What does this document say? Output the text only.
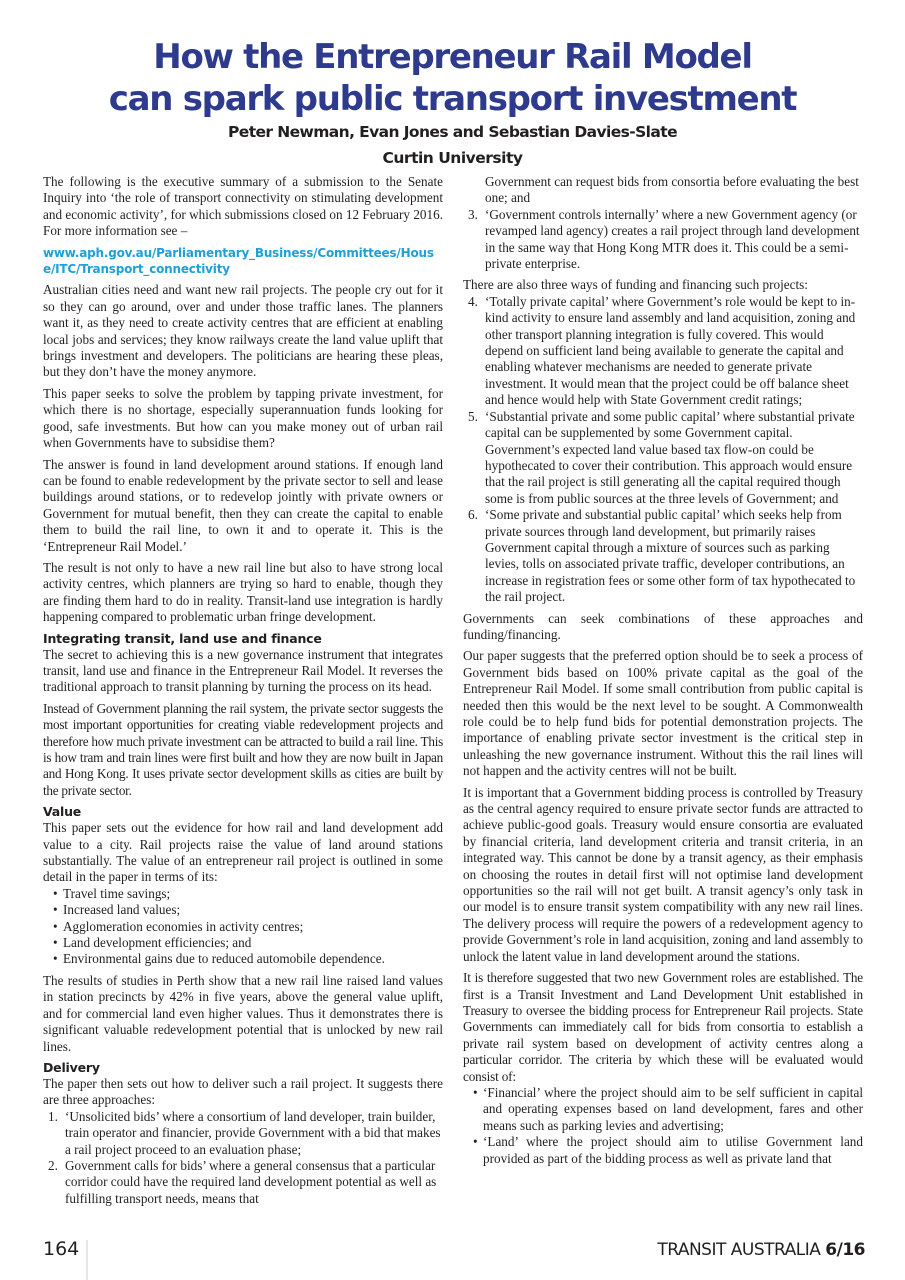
How the Entrepreneur Rail Model
can spark public transport investment
Peter Newman, Evan Jones and Sebastian Davies-Slate
Curtin University

The following is the executive summary of a submission to the Senate Inquiry into ‘the role of transport connectivity on stimulating development and economic activity’, for which submissions closed on 12 February 2016. For more information see –

www.aph.gov.au/Parliamentary_Business/Committees/House/ITC/Transport_connectivity

Australian cities need and want new rail projects. The people cry out for it so they can go around, over and under those traffic lanes. The planners want it, as they need to create activity centres that are efficient at enabling local jobs and services; they know railways create the land value uplift that brings investment and developers. The politicians are hearing these pleas, but they don’t have the money anymore.

This paper seeks to solve the problem by tapping private investment, for which there is no shortage, especially superannuation funds looking for good, safe investments. But how can you make money out of urban rail when Governments have to subsidise them?

The answer is found in land development around stations. If enough land can be found to enable redevelopment by the private sector to sell and lease buildings around stations, or to redevelop jointly with private owners or Government for mutual benefit, then they can create the capital to enable them to build the rail line, to own it and to operate it. This is the ‘Entrepreneur Rail Model.’

The result is not only to have a new rail line but also to have strong local activity centres, which planners are trying so hard to enable, though they are finding them hard to do in reality. Transit-land use integration is hardly happening compared to problematic urban fringe development.

Integrating transit, land use and finance

The secret to achieving this is a new governance instrument that integrates transit, land use and finance in the Entrepreneur Rail Model. It reverses the traditional approach to transit planning by turning the process on its head.

Instead of Government planning the rail system, the private sector suggests the most important opportunities for creating viable redevelopment projects and therefore how much private investment can be attracted to build a rail line. This is how tram and train lines were first built and how they are now built in Japan and Hong Kong. It uses private sector development skills as cities are built by the private sector.

Value

This paper sets out the evidence for how rail and land development add value to a city. Rail projects raise the value of land around stations substantially. The value of an entrepreneur rail project is outlined in some detail in the paper in terms of its:

• Travel time savings;
• Increased land values;
• Agglomeration economies in activity centres;
• Land development efficiencies; and
• Environmental gains due to reduced automobile dependence.

The results of studies in Perth show that a new rail line raised land values in station precincts by 42% in five years, above the general value uplift, and for commercial land even higher values. Thus it demonstrates there is significant valuable redevelopment potential that is unlocked by new rail lines.

Delivery

The paper then sets out how to deliver such a rail project. It suggests there are three approaches:

1. ‘Unsolicited bids’ where a consortium of land developer, train builder, train operator and financier, provide Government with a bid that makes a rail project proceed to an evaluation phase;
2. Government calls for bids’ where a general consensus that a particular corridor could have the required land development potential as well as fulfilling transport needs, means that
Government can request bids from consortia before evaluating the best one; and
3. ‘Government controls internally’ where a new Government agency (or revamped land agency) creates a rail project through land development in the same way that Hong Kong MTR does it. This could be a semi-private enterprise.

There are also three ways of funding and financing such projects:

4. ‘Totally private capital’ where Government’s role would be kept to in-kind activity to ensure land assembly and land acquisition, zoning and other transport planning integration is fully covered. This would depend on sufficient land being available to generate the capital and enabling whatever mechanisms are needed to generate private investment. It would mean that the project could be off balance sheet and hence would help with State Government credit ratings;
5. ‘Substantial private and some public capital’ where substantial private capital can be supplemented by some Government capital. Government’s expected land value based tax flow-on could be hypothecated to cover their contribution. This approach would ensure that the rail project is still generating all the capital required though some is from public sources at the three levels of Government; and
6. ‘Some private and substantial public capital’ which seeks help from private sources through land development, but primarily raises Government capital through a mixture of sources such as parking levies, tolls on associated private traffic, developer contributions, an increase in registration fees or some other form of tax hypothecated to the rail project.

Governments can seek combinations of these approaches and funding/financing.

Our paper suggests that the preferred option should be to seek a process of Government bids based on 100% private capital as the goal of the Entrepreneur Rail Model. If some small contribution from public capital is needed then this would be the next level to be sought. A Commonwealth role could be to help fund bids for potential demonstration projects. The importance of enabling private sector investment is the critical step in unleashing the new governance instrument. Without this the rail lines will not happen and the activity centres will not be built.

It is important that a Government bidding process is controlled by Treasury as the central agency required to ensure private sector funds are attracted to achieve public-good goals. Treasury would ensure consortia are evaluated by financial criteria, land development criteria and transit criteria, in an integrated way. This cannot be done by a transit agency, as their emphasis on choosing the routes in detail first will not optimise land development opportunities so the rail will not get built. A transit agency’s only task in our model is to ensure transit system compatibility with any new rail lines. The delivery process will require the powers of a redevelopment agency to provide Government’s role in land acquisition, zoning and land assembly to unlock the latent value in land development around the stations.

It is therefore suggested that two new Government roles are established. The first is a Transit Investment and Land Development Unit established in Treasury to oversee the bidding process for Entrepreneur Rail projects. State Governments can immediately call for bids from consortia to establish a private rail system based on development of activity centres along a particular corridor. The criteria by which these will be evaluated would consist of:

• ‘Financial’ where the project should aim to be self sufficient in capital and operating expenses based on land development, fares and other means such as parking levies and advertising;
• ‘Land’ where the project should aim to utilise Government land provided as part of the bidding process as well as private land that
164	TRANSIT AUSTRALIA 6/16
